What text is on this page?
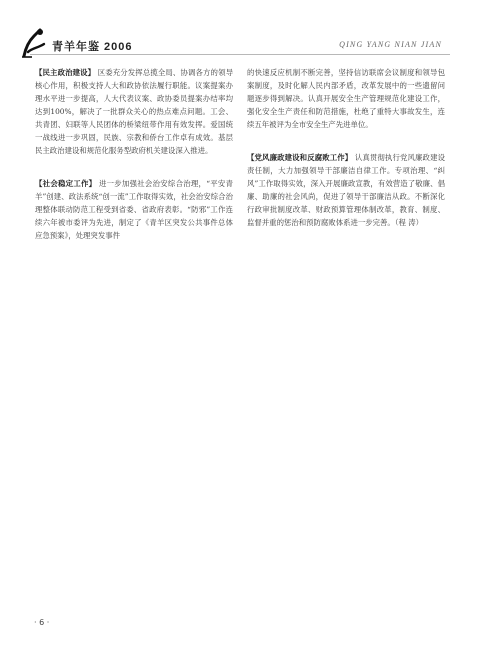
青羊年鉴 2006	QING YANG NIAN JIAN

【民主政治建设】 区委充分发挥总揽全局、协调各方的领导核心作用，积极支持人大和政协依法履行职能。议案提案办理水平进一步提高，人大代表议案、政协委员提案办结率均达到100%，解决了一批群众关心的热点难点问题。工会、共青团、妇联等人民团体的桥梁纽带作用有效发挥。爱国统一战线进一步巩固，民族、宗教和侨台工作卓有成效。基层民主政治建设和规范化服务型政府机关建设深入推进。

【社会稳定工作】 进一步加强社会治安综合治理，“平安青羊”创建、政法系统“创一流”工作取得实效，社会治安综合治理整体联动防范工程受到省委、省政府表彰。“防邪”工作连续六年被市委评为先进，制定了《青羊区突发公共事件总体应急预案》，处理突发事件

的快速反应机制不断完善，坚持信访联席会议制度和领导包案制度，及时化解人民内部矛盾，改革发展中的一些遗留问题逐步得到解决。认真开展安全生产管理规范化建设工作，强化安全生产责任和防范措施，杜绝了重特大事故发生，连续五年被评为全市安全生产先进单位。

【党风廉政建设和反腐败工作】 认真贯彻执行党风廉政建设责任制，大力加强领导干部廉洁自律工作。专项治理、“纠风”工作取得实效，深入开展廉政宣教，有效营造了敬廉、倡廉、助廉的社会风尚，促进了领导干部廉洁从政。不断深化行政审批制度改革、财政预算管理体制改革，教育、制度、监督并重的惩治和预防腐败体系进一步完善。（程 涛）

· 6 ·
